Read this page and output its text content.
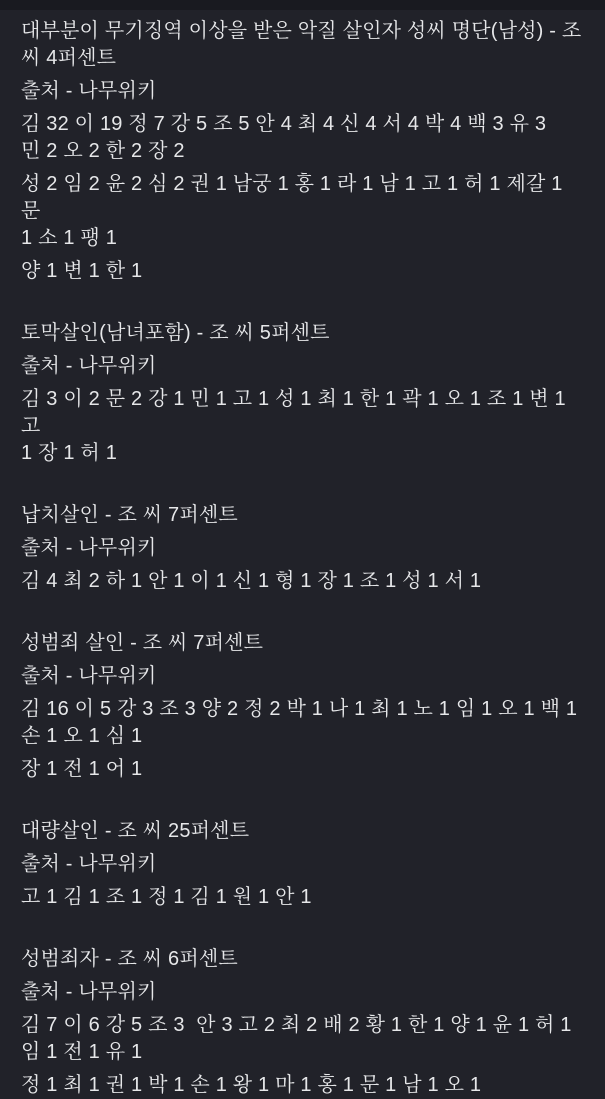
대부분이 무기징역 이상을 받은 악질 살인자 성씨 명단(남성) - 조
씨 4퍼센트
출처 - 나무위키
김 32 이 19 정 7 강 5 조 5 안 4 최 4 신 4 서 4 박 4 백 3 유 3
민 2 오 2 한 2 장 2
성 2 임 2 윤 2 심 2 권 1 남궁 1 홍 1 라 1 남 1 고 1 허 1 제갈 1 문
1 소 1 팽 1
양 1 변 1 한 1
토막살인(남녀포함) - 조 씨 5퍼센트
출처 - 나무위키
김 3 이 2 문 2 강 1 민 1 고 1 성 1 최 1 한 1 곽 1 오 1 조 1 변 1 고
1 장 1 허 1
납치살인 - 조 씨 7퍼센트
출처 - 나무위키
김 4 최 2 하 1 안 1 이 1 신 1 형 1 장 1 조 1 성 1 서 1
성범죄 살인 - 조 씨 7퍼센트
출처 - 나무위키
김 16 이 5 강 3 조 3 양 2 정 2 박 1 나 1 최 1 노 1 임 1 오 1 백 1
손 1 오 1 심 1
장 1 전 1 어 1
대량살인 - 조 씨 25퍼센트
출처 - 나무위키
고 1 김 1 조 1 정 1 김 1 원 1 안 1
성범죄자 - 조 씨 6퍼센트
출처 - 나무위키
김 7 이 6 강 5 조 3  안 3 고 2 최 2 배 2 황 1 한 1 양 1 윤 1 허 1
임 1 전 1 유 1
정 1 최 1 권 1 박 1 손 1 왕 1 마 1 홍 1 문 1 남 1 오 1
